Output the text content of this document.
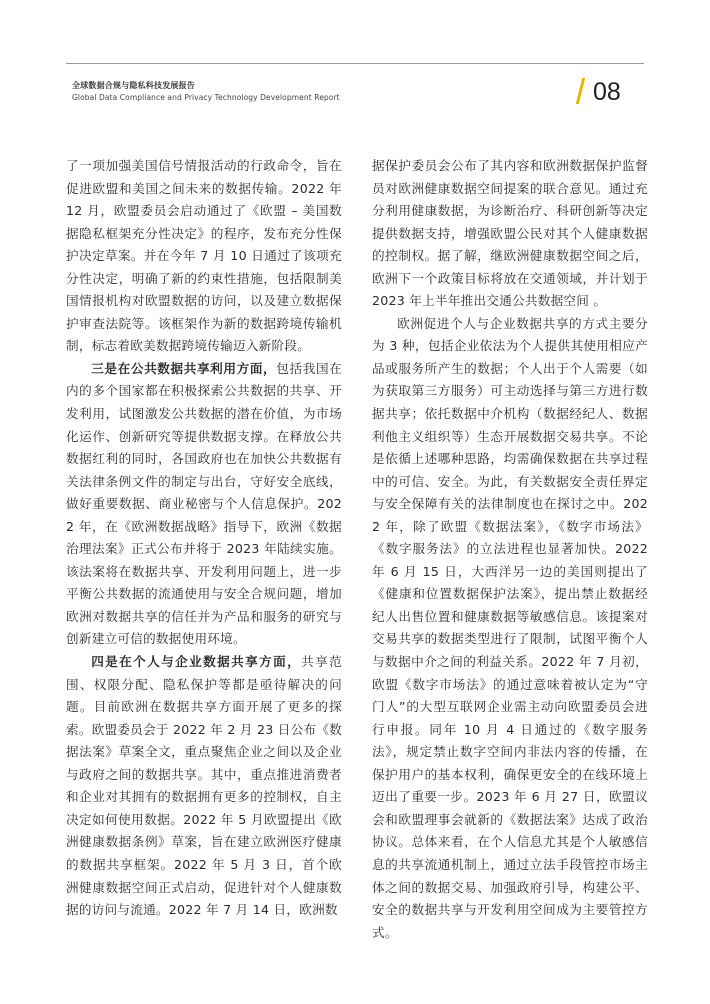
全球数据合规与隐私科技发展报告
Global Data Compliance and Privacy Technology Development Report	08

了一项加强美国信号情报活动的行政命令，旨在促进欧盟和美国之间未来的数据传输。2022 年 12 月，欧盟委员会启动通过了《欧盟 – 美国数据隐私框架充分性决定》的程序，发布充分性保护决定草案。并在今年 7 月 10 日通过了该项充分性决定，明确了新的约束性措施，包括限制美国情报机构对欧盟数据的访问，以及建立数据保护审查法院等。该框架作为新的数据跨境传输机制，标志着欧美数据跨境传输迈入新阶段。

三是在公共数据共享利用方面，包括我国在内的多个国家都在积极探索公共数据的共享、开发利用，试图激发公共数据的潜在价值，为市场化运作、创新研究等提供数据支撑。在释放公共数据红利的同时，各国政府也在加快公共数据有关法律条例文件的制定与出台，守好安全底线，做好重要数据、商业秘密与个人信息保护。2022 年，在《欧洲数据战略》指导下，欧洲《数据治理法案》正式公布并将于 2023 年陆续实施。该法案将在数据共享、开发利用问题上，进一步平衡公共数据的流通使用与安全合规问题，增加欧洲对数据共享的信任并为产品和服务的研究与创新建立可信的数据使用环境。

四是在个人与企业数据共享方面，共享范围、权限分配、隐私保护等都是亟待解决的问题。目前欧洲在数据共享方面开展了更多的探索。欧盟委员会于 2022 年 2 月 23 日公布《数据法案》草案全文，重点聚焦企业之间以及企业与政府之间的数据共享。其中，重点推进消费者和企业对其拥有的数据拥有更多的控制权，自主决定如何使用数据。2022 年 5 月欧盟提出《欧洲健康数据条例》草案，旨在建立欧洲医疗健康的数据共享框架。2022 年 5 月 3 日，首个欧洲健康数据空间正式启动，促进针对个人健康数据的访问与流通。2022 年 7 月 14 日，欧洲数

据保护委员会公布了其内容和欧洲数据保护监督员对欧洲健康数据空间提案的联合意见。通过充分利用健康数据，为诊断治疗、科研创新等决定提供数据支持，增强欧盟公民对其个人健康数据的控制权。据了解，继欧洲健康数据空间之后，欧洲下一个政策目标将放在交通领域，并计划于 2023 年上半年推出交通公共数据空间 。

欧洲促进个人与企业数据共享的方式主要分为 3 种，包括企业依法为个人提供其使用相应产品或服务所产生的数据；个人出于个人需要（如为获取第三方服务）可主动选择与第三方进行数据共享；依托数据中介机构（数据经纪人、数据利他主义组织等）生态开展数据交易共享。不论是依循上述哪种思路，均需确保数据在共享过程中的可信、安全。为此，有关数据安全责任界定与安全保障有关的法律制度也在探讨之中。2022 年，除了欧盟《数据法案》，《数字市场法》《数字服务法》的立法进程也显著加快。2022 年 6 月 15 日，大西洋另一边的美国则提出了《健康和位置数据保护法案》，提出禁止数据经纪人出售位置和健康数据等敏感信息。该提案对交易共享的数据类型进行了限制，试图平衡个人与数据中介之间的利益关系。2022 年 7 月初，欧盟《数字市场法》的通过意味着被认定为“守门人”的大型互联网企业需主动向欧盟委员会进行申报。同年 10 月 4 日通过的《数字服务法》，规定禁止数字空间内非法内容的传播，在保护用户的基本权利，确保更安全的在线环境上迈出了重要一步。2023 年 6 月 27 日，欧盟议会和欧盟理事会就新的《数据法案》达成了政治协议。总体来看，在个人信息尤其是个人敏感信息的共享流通机制上，通过立法手段管控市场主体之间的数据交易、加强政府引导，构建公平、安全的数据共享与开发利用空间成为主要管控方式。
